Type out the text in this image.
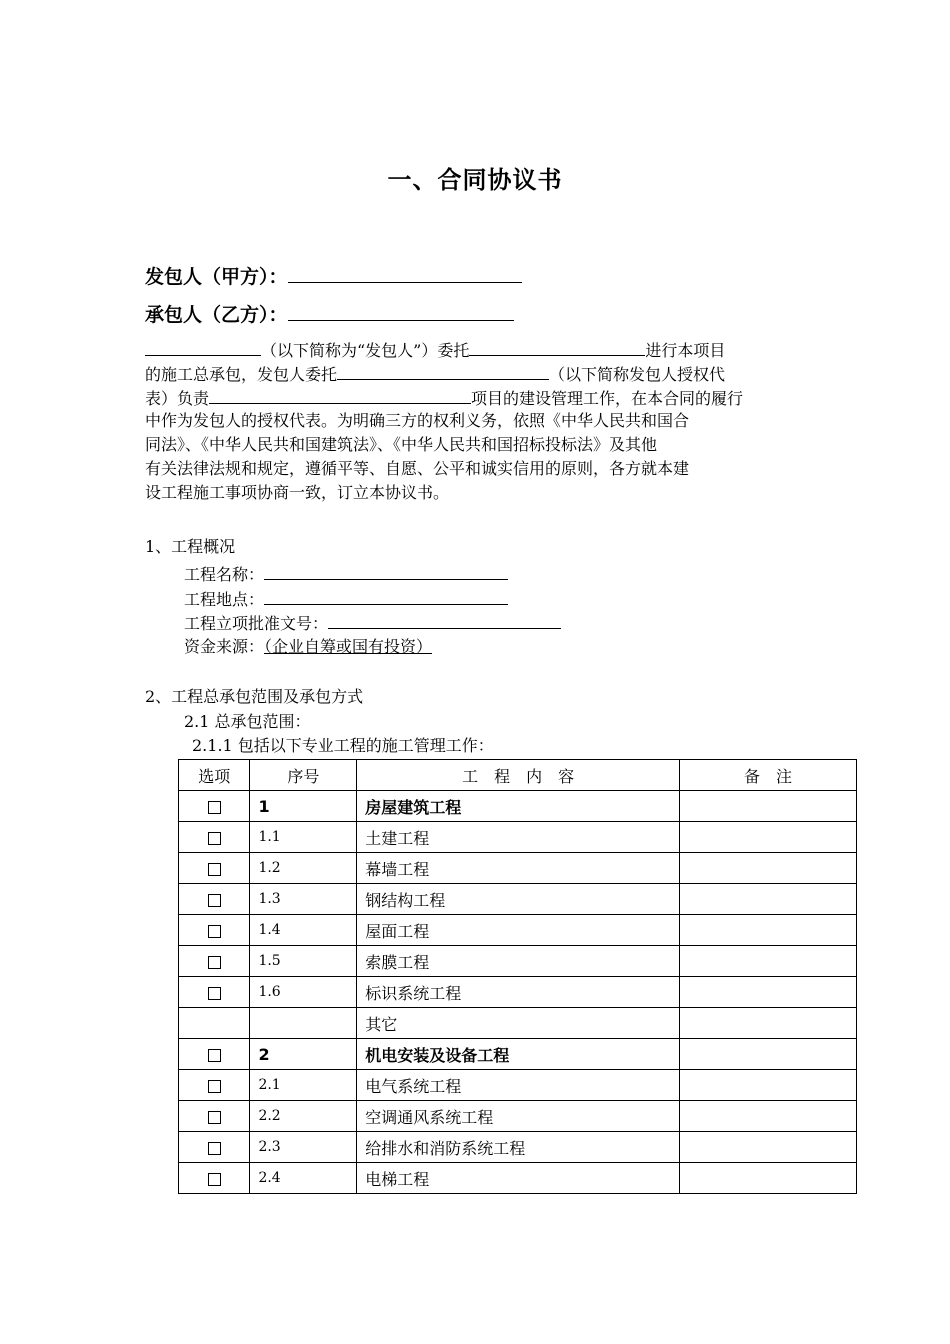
一、合同协议书
发包人（甲方）：
承包人（乙方）：
（以下简称为“发包人”）委托	进行本项目
的施工总承包，发包人委托	（以下简称发包人授权代
表）负责	项目的建设管理工作，在本合同的履行
中作为发包人的授权代表。为明确三方的权利义务，依照《中华人民共和国合
同法》、《中华人民共和国建筑法》、《中华人民共和国招标投标法》及其他
有关法律法规和规定，遵循平等、自愿、公平和诚实信用的原则，各方就本建
设工程施工事项协商一致，订立本协议书。
1、工程概况
工程名称：
工程地点：
工程立项批准文号：
资金来源：（企业自筹或国有投资）
2、工程总承包范围及承包方式
2.1 总承包范围：
2.1.1 包括以下专业工程的施工管理工作：
选项	序号	工　程　内　容	备　注
	1	房屋建筑工程	
	1.1	土建工程	
	1.2	幕墙工程	
	1.3	钢结构工程	
	1.4	屋面工程	
	1.5	索膜工程	
	1.6	标识系统工程	
		其它	
	2	机电安装及设备工程	
	2.1	电气系统工程	
	2.2	空调通风系统工程	
	2.3	给排水和消防系统工程	
	2.4	电梯工程	
